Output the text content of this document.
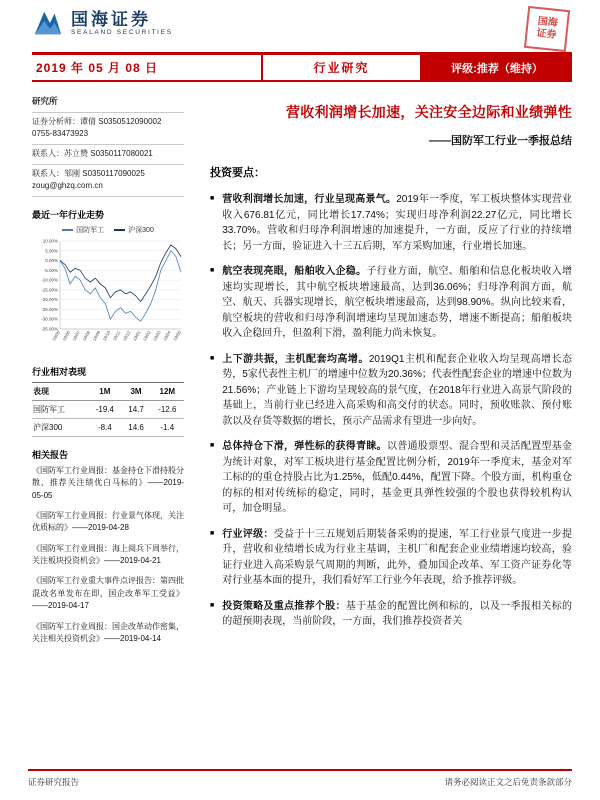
国海证券
SEALAND SECURITIES
国海证券
2019 年 05 月 08 日	行业研究	评级:推荐（维持）
研究所
证券分析师：谭倩 S0350512090002
0755-83473923
联系人：苏立赞 S0350117080021
联系人：邹刚 S0350117090025
zoug@ghzq.com.cn
最近一年行业走势
国防军工	沪深300
10.00%
5.00%
0.00%
-5.00%
-10.00%
-15.00%
-20.00%
-25.00%
-30.00%
-35.00%
18/05 18/06 18/07 18/08 18/09 18/10 18/11 18/12 19/01 19/02 19/03 19/04 19/05
行业相对表现
表现	1M	3M	12M
国防军工	-19.4	14.7	-12.6
沪深300	-8.4	14.6	-1.4
相关报告
《国防军工行业周报：基金持仓下滑持股分散，推荐关注绩优白马标的》——2019-05-05
《国防军工行业周报：行业景气体现，关注优质标的》——2019-04-28
《国防军工行业周报：海上阅兵下周举行，关注板块投资机会》——2019-04-21
《国防军工行业重大事件点评报告：第四批混改名单发布在即，国企改革军工受益》——2019-04-17
《国防军工行业周报：国企改革动作密集，关注相关投资机会》——2019-04-14
营收利润增长加速，关注安全边际和业绩弹性
——国防军工行业一季报总结
投资要点：
■ 营收利润增长加速，行业呈现高景气。2019年一季度，军工板块整体实现营业收入676.81亿元，同比增长17.74%；实现归母净利润22.27亿元，同比增长33.70%。营收和归母净利润增速的加速提升，一方面，反应了行业的持续增长；另一方面，验证进入十三五后期，军方采购加速，行业增长加速。

■ 航空表现亮眼，船舶收入企稳。子行业方面，航空、船舶和信息化板块收入增速均实现增长，其中航空板块增速最高，达到36.06%；归母净利润方面，航空、航天、兵器实现增长，航空板块增速最高，达到98.90%。纵向比较来看，航空板块的营收和归母净利润增速均呈现加速态势，增速不断提高；船舶板块收入企稳回升，但盈利下滑，盈利能力尚未恢复。

■ 上下游共振，主机配套均高增。2019Q1主机和配套企业收入均呈现高增长态势，5家代表性主机厂的增速中位数为20.36%；代表性配套企业的增速中位数为21.56%；产业链上下游均呈现较高的景气度，在2018年行业进入高景气阶段的基础上，当前行业已经进入高采购和高交付的状态。同时，预收账款、预付账款以及存货等数据的增长，预示产品需求有望进一步向好。

■ 总体持仓下滑，弹性标的获得青睐。以普通股票型、混合型和灵活配置型基金为统计对象，对军工板块进行基金配置比例分析，2019年一季度末，基金对军工标的的重仓持股占比为1.25%，低配0.44%，配置下降。个股方面，机构重仓的标的相对传统标的稳定，同时，基金更具弹性较强的个股也获得较机构认可，加仓明显。

■ 行业评级：受益于十三五规划后期装备采购的提速，军工行业景气度进一步提升，营收和业绩增长成为行业主基调，主机厂和配套企业业绩增速均较高，验证行业进入高采购景气周期的判断，此外，叠加国企改革、军工资产证券化等对行业基本面的提升，我们看好军工行业今年表现，给予推荐评级。

■ 投资策略及重点推荐个股：基于基金的配置比例和标的，以及一季报相关标的的超预期表现，当前阶段，一方面，我们推荐投资者关

证券研究报告	请务必阅读正文之后免责条款部分
